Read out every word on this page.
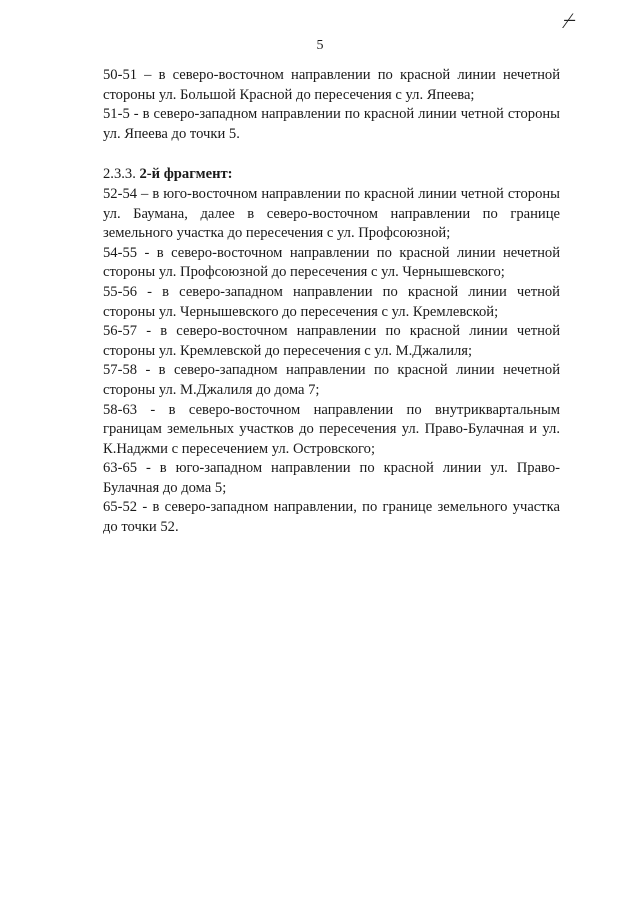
⁄̶
5

50-51 – в северо-восточном направлении по красной линии нечетной стороны ул. Большой Красной до пересечения с ул. Япеева;

51-5 - в северо-западном направлении по красной линии четной стороны ул. Япеева до точки 5.

2.3.3. 2-й фрагмент:

52-54 – в юго-восточном направлении по красной линии четной стороны ул. Баумана, далее в северо-восточном направлении по границе земельного участка до пересечения с ул. Профсоюзной;

54-55 - в северо-восточном направлении по красной линии нечетной стороны ул. Профсоюзной до пересечения с ул. Чернышевского;

55-56 - в северо-западном направлении по красной линии четной стороны ул. Чернышевского до пересечения с ул. Кремлевской;

56-57 - в северо-восточном направлении по красной линии четной стороны ул. Кремлевской до пересечения с ул. М.Джалиля;

57-58 - в северо-западном направлении по красной линии нечетной стороны ул. М.Джалиля до дома 7;

58-63 - в северо-восточном направлении по внутриквартальным границам земельных участков до пересечения ул. Право-Булачная и ул. К.Наджми с пересечением ул. Островского;

63-65 - в юго-западном направлении по красной линии ул. Право-Булачная до дома 5;

65-52 - в северо-западном направлении, по границе земельного участка до точки 52.
